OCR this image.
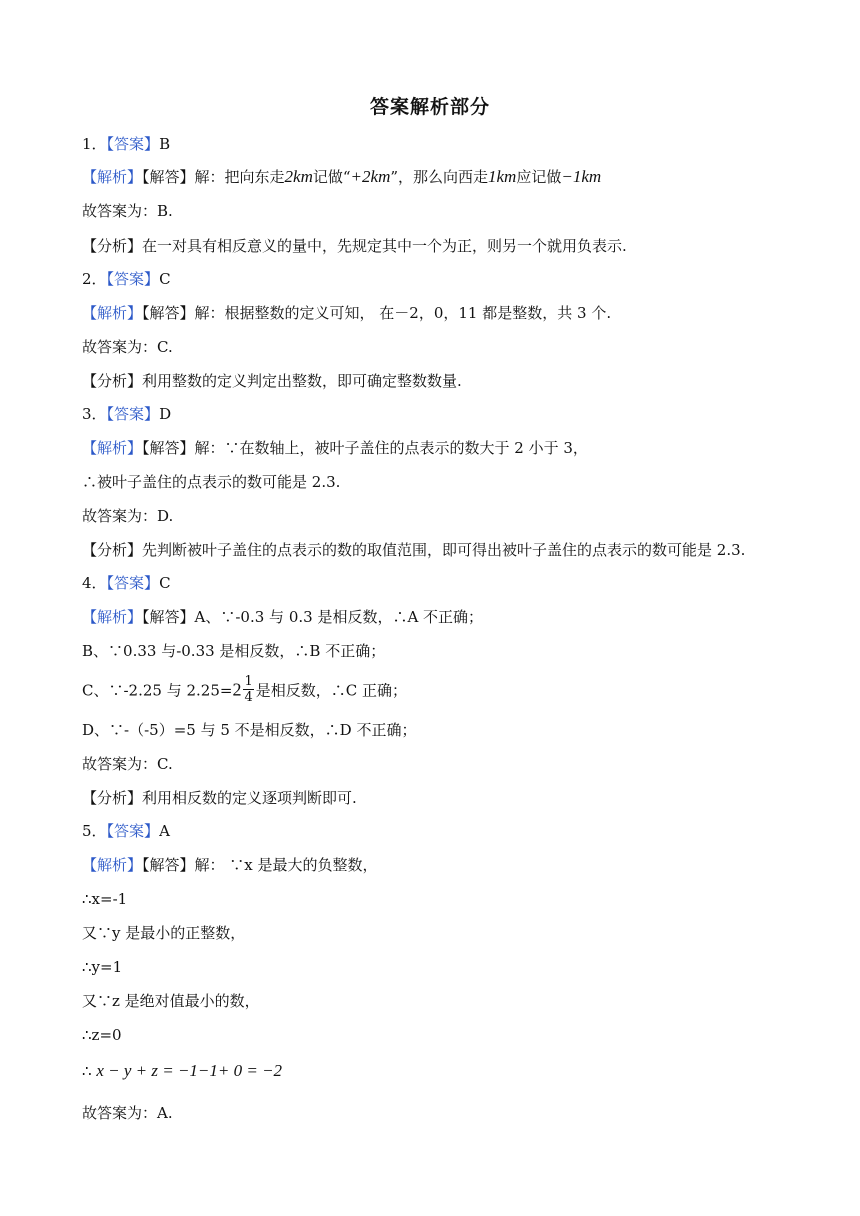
答案解析部分
1．【答案】B
【解析】【解答】解：把向东走2km记做“+2km”，那么向西走1km应记做−1km
故答案为：B.
【分析】在一对具有相反意义的量中，先规定其中一个为正，则另一个就用负表示.
2．【答案】C
【解析】【解答】解：根据整数的定义可知， 在－2，0，11 都是整数，共 3 个.
故答案为：C.
【分析】利用整数的定义判定出整数，即可确定整数数量.
3．【答案】D
【解析】【解答】解：∵在数轴上，被叶子盖住的点表示的数大于 2 小于 3，
∴被叶子盖住的点表示的数可能是 2.3.
故答案为：D.
【分析】先判断被叶子盖住的点表示的数的取值范围，即可得出被叶子盖住的点表示的数可能是 2.3.
4．【答案】C
【解析】【解答】A、∵-0.3 与 0.3 是相反数，∴A 不正确；
B、∵0.33 与-0.33 是相反数，∴B 不正确；
C、∵-2.25 与 $2.25=2 \frac{1}{4}$ 是相反数，∴C 正确；
D、∵-（-5）=5 与 5 不是相反数，∴D 不正确；
故答案为：C.
【分析】利用相反数的定义逐项判断即可.
5．【答案】A
【解析】【解答】解： ∵x 是最大的负整数，
∴x=-1
又∵y 是最小的正整数，
∴y=1
又∵z 是绝对值最小的数，
∴z=0
∴ x − y + z = −1−1+ 0 = −2
故答案为：A.
